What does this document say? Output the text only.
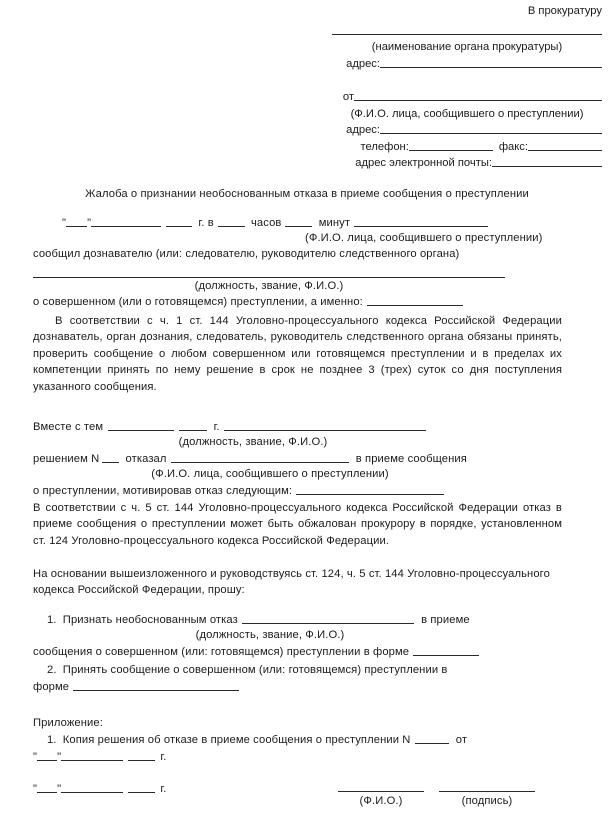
В прокуратуру
(наименование органа прокуратуры)
адрес:
от
(Ф.И.О. лица, сообщившего о преступлении)
адрес:
телефон:	факс:
адрес электронной почты:
Жалоба о признании необоснованным отказа в приеме сообщения о преступлении
" "	г. в	часов	минут
(Ф.И.О. лица, сообщившего о преступлении)
сообщил дознавателю (или: следователю, руководителю следственного органа)
(должность, звание, Ф.И.О.)
о совершенном (или о готовящемся) преступлении, а именно:
В соответствии с ч. 1 ст. 144 Уголовно-процессуального кодекса Российской Федерации дознаватель, орган дознания, следователь, руководитель следственного органа обязаны принять, проверить сообщение о любом совершенном или готовящемся преступлении и в пределах их компетенции принять по нему решение в срок не позднее 3 (трех) суток со дня поступления указанного сообщения.
Вместе с тем	г.
(должность, звание, Ф.И.О.)
решением N отказал	в приеме сообщения
(Ф.И.О. лица, сообщившего о преступлении)
о преступлении, мотивировав отказ следующим:
В соответствии с ч. 5 ст. 144 Уголовно-процессуального кодекса Российской Федерации отказ в приеме сообщения о преступлении может быть обжалован прокурору в порядке, установленном ст. 124 Уголовно-процессуального кодекса Российской Федерации.
На основании вышеизложенного и руководствуясь ст. 124, ч. 5 ст. 144 Уголовно-процессуального кодекса Российской Федерации, прошу:
1. Признать необоснованным отказ	в приеме
(должность, звание, Ф.И.О.)
сообщения о совершенном (или: готовящемся) преступлении в форме
2. Принять сообщение о совершенном (или: готовящемся) преступлении в
форме
Приложение:
1. Копия решения об отказе в приеме сообщения о преступлении N	от
" "	г.
" "	г.
(Ф.И.О.)	(подпись)
